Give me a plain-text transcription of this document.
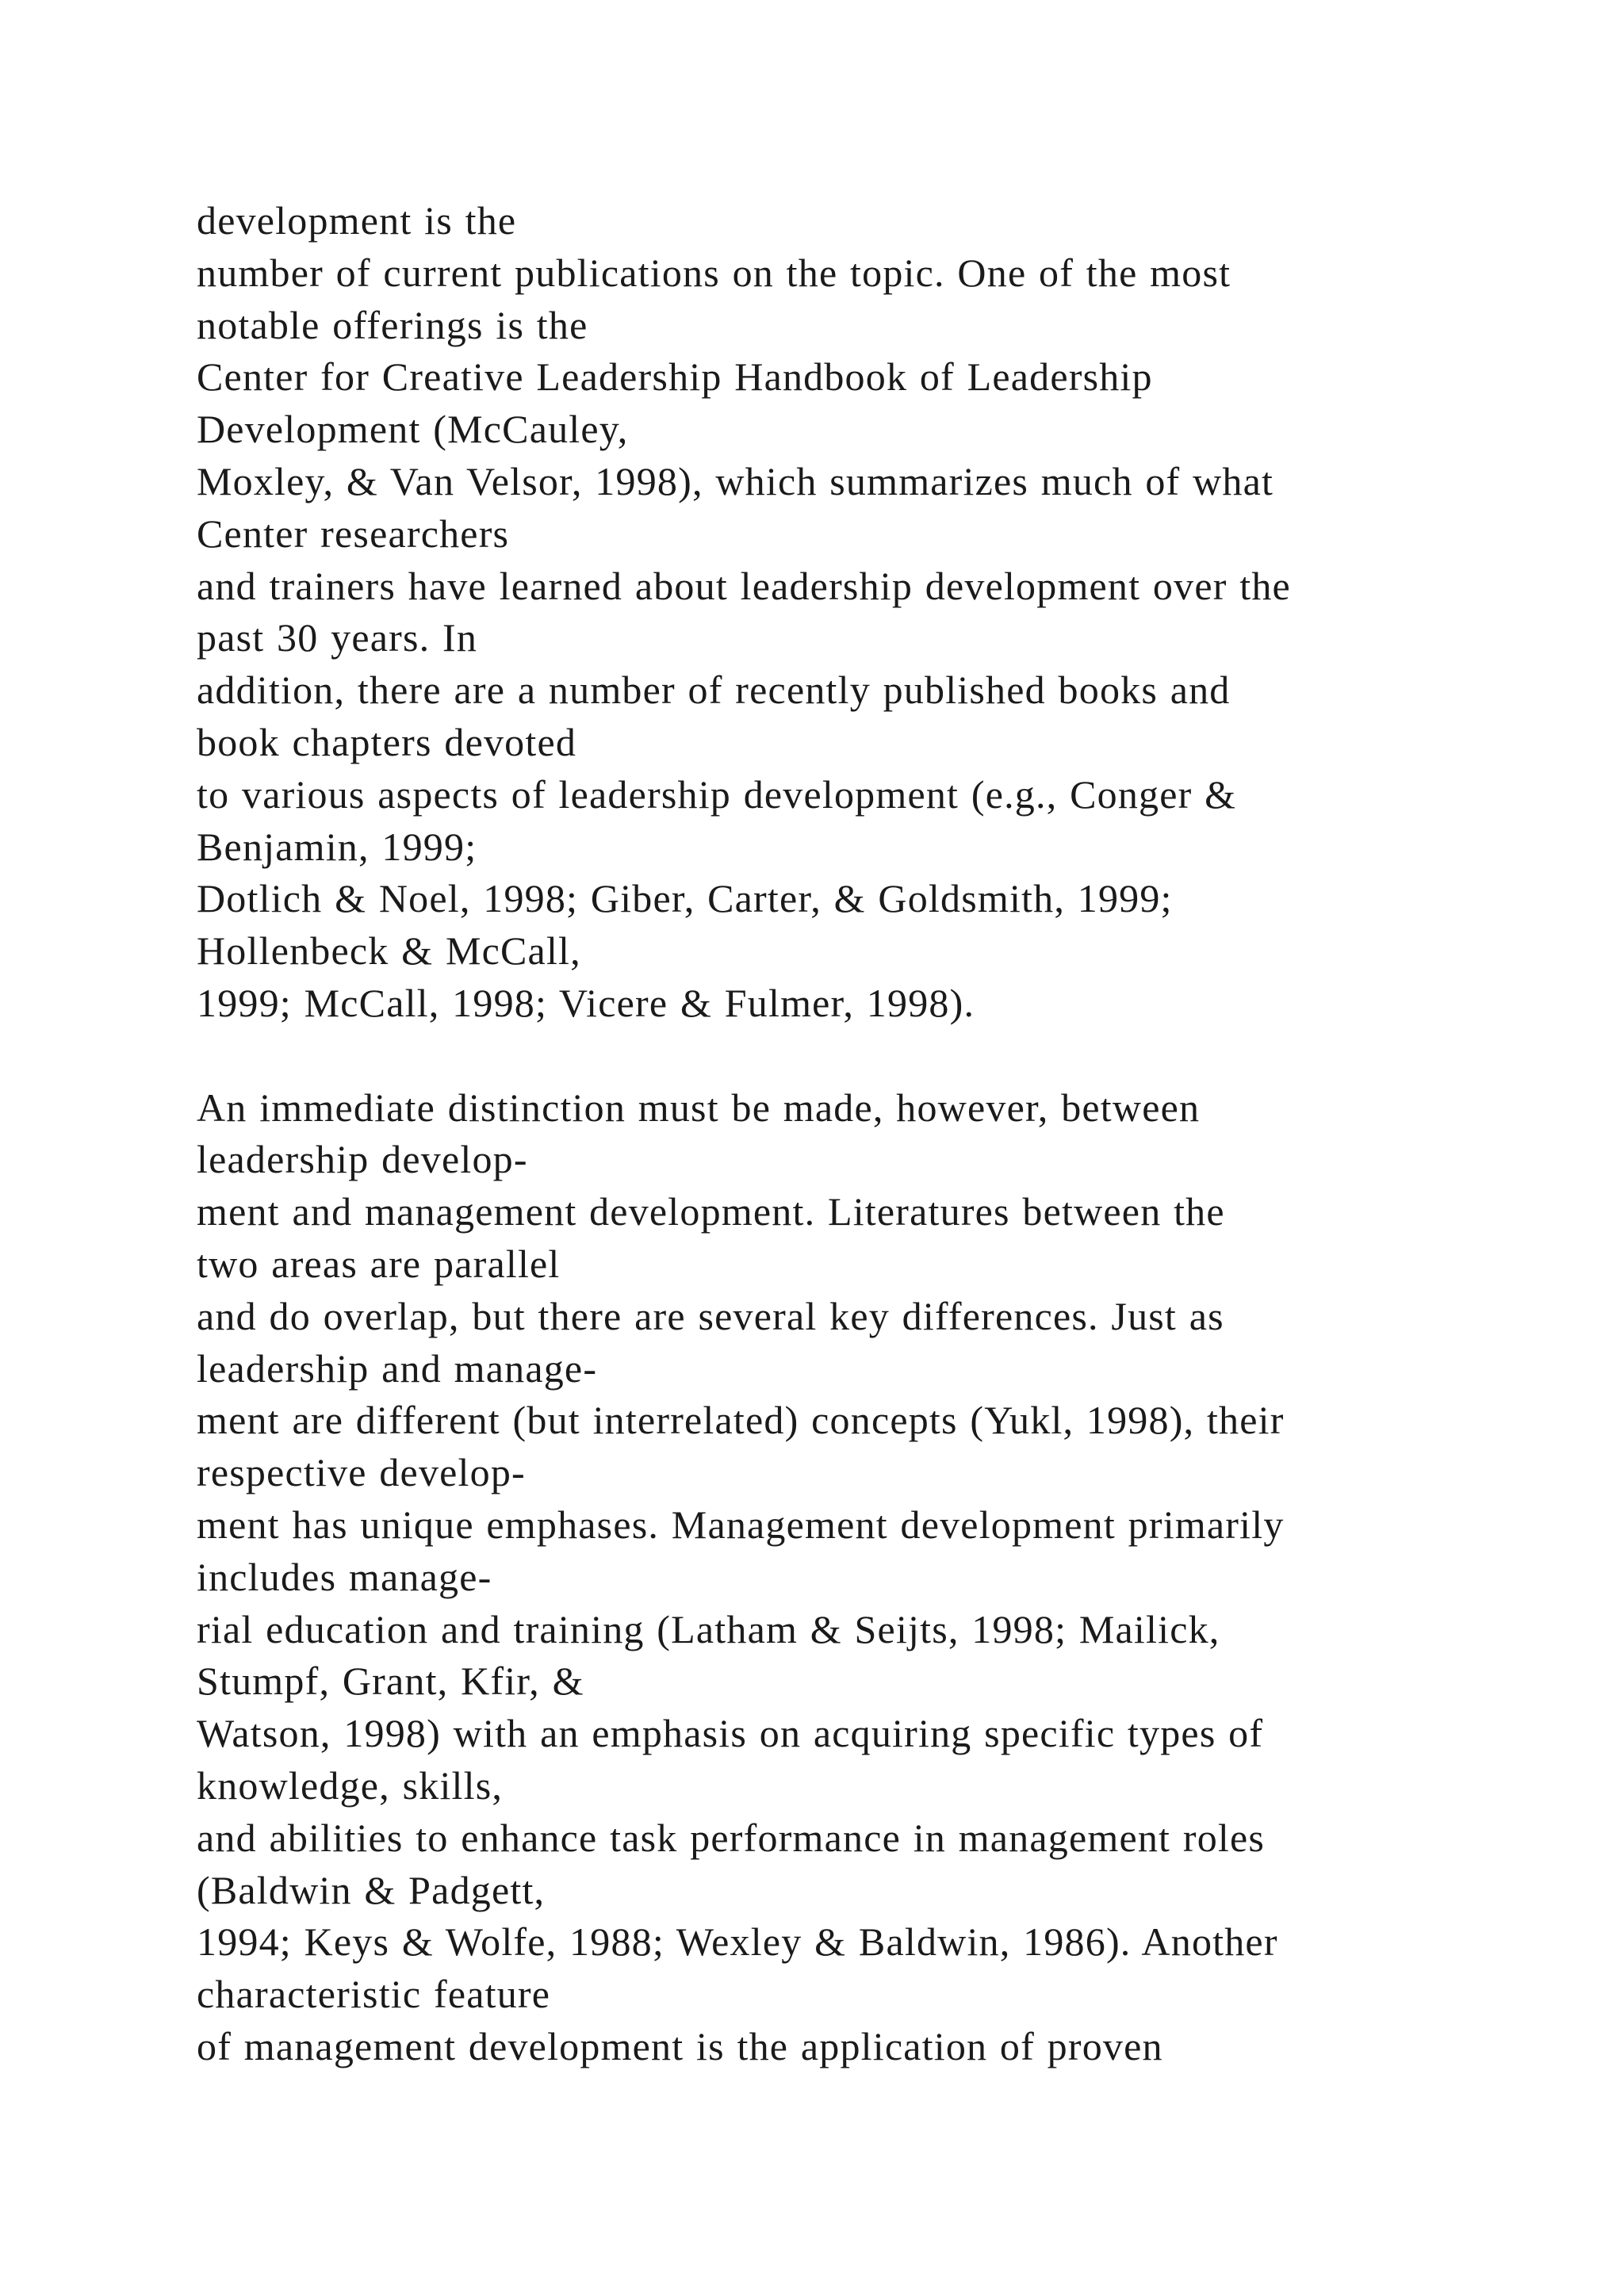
development is the
number of current publications on the topic. One of the most
notable offerings is the
Center for Creative Leadership Handbook of Leadership
Development (McCauley,
Moxley, & Van Velsor, 1998), which summarizes much of what
Center researchers
and trainers have learned about leadership development over the
past 30 years. In
addition, there are a number of recently published books and
book chapters devoted
to various aspects of leadership development (e.g., Conger &
Benjamin, 1999;
Dotlich & Noel, 1998; Giber, Carter, & Goldsmith, 1999;
Hollenbeck & McCall,
1999; McCall, 1998; Vicere & Fulmer, 1998).
An immediate distinction must be made, however, between
leadership develop-
ment and management development. Literatures between the
two areas are parallel
and do overlap, but there are several key differences. Just as
leadership and manage-
ment are different (but interrelated) concepts (Yukl, 1998), their
respective develop-
ment has unique emphases. Management development primarily
includes manage-
rial education and training (Latham & Seijts, 1998; Mailick,
Stumpf, Grant, Kfir, &
Watson, 1998) with an emphasis on acquiring specific types of
knowledge, skills,
and abilities to enhance task performance in management roles
(Baldwin & Padgett,
1994; Keys & Wolfe, 1988; Wexley & Baldwin, 1986). Another
characteristic feature
of management development is the application of proven
